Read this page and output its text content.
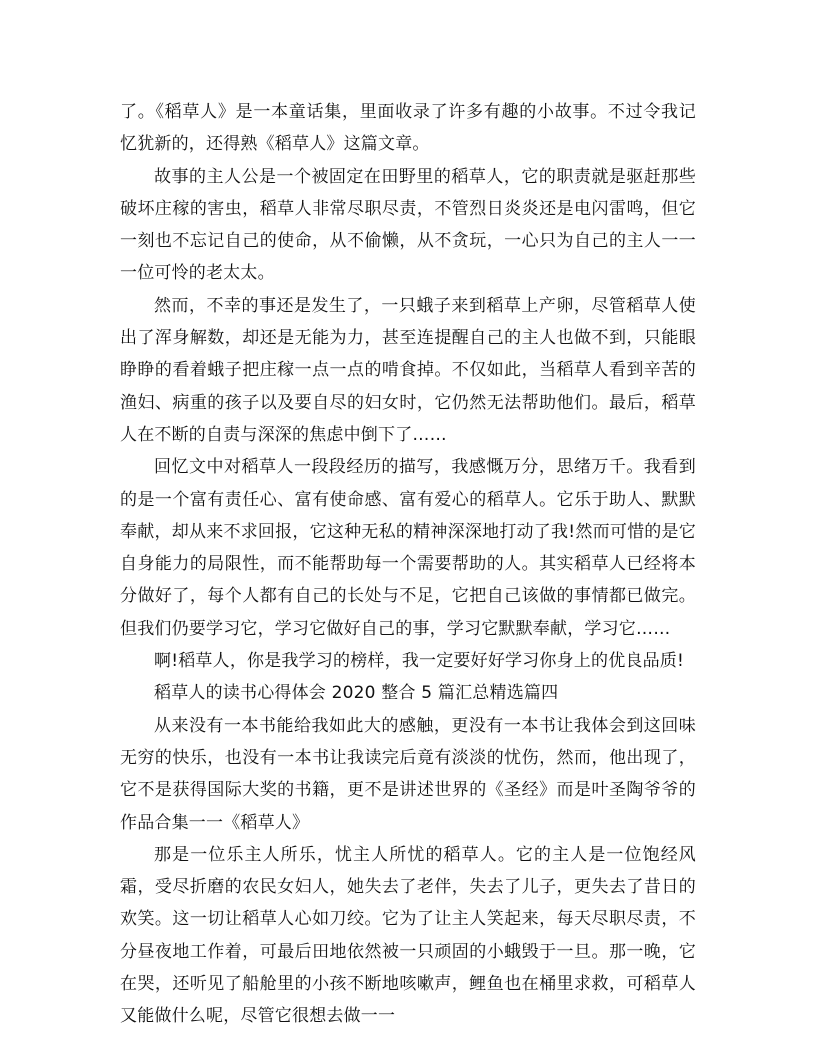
了。《稻草人》是一本童话集，里面收录了许多有趣的小故事。不过令我记忆犹新的，还得熟《稻草人》这篇文章。

故事的主人公是一个被固定在田野里的稻草人，它的职责就是驱赶那些破坏庄稼的害虫，稻草人非常尽职尽责，不管烈日炎炎还是电闪雷鸣，但它一刻也不忘记自己的使命，从不偷懒，从不贪玩，一心只为自己的主人一一一位可怜的老太太。

然而，不幸的事还是发生了，一只蛾子来到稻草上产卵，尽管稻草人使出了浑身解数，却还是无能为力，甚至连提醒自己的主人也做不到，只能眼睁睁的看着蛾子把庄稼一点一点的啃食掉。不仅如此，当稻草人看到辛苦的渔妇、病重的孩子以及要自尽的妇女时，它仍然无法帮助他们。最后，稻草人在不断的自责与深深的焦虑中倒下了……

回忆文中对稻草人一段段经历的描写，我感慨万分，思绪万千。我看到的是一个富有责任心、富有使命感、富有爱心的稻草人。它乐于助人、默默奉献，却从来不求回报，它这种无私的精神深深地打动了我!然而可惜的是它自身能力的局限性，而不能帮助每一个需要帮助的人。其实稻草人已经将本分做好了，每个人都有自己的长处与不足，它把自己该做的事情都已做完。但我们仍要学习它，学习它做好自己的事，学习它默默奉献，学习它……

啊!稻草人，你是我学习的榜样，我一定要好好学习你身上的优良品质!

稻草人的读书心得体会 2020 整合 5 篇汇总精选篇四

从来没有一本书能给我如此大的感触，更没有一本书让我体会到这回味无穷的快乐，也没有一本书让我读完后竟有淡淡的忧伤，然而，他出现了，它不是获得国际大奖的书籍，更不是讲述世界的《圣经》而是叶圣陶爷爷的作品合集一一《稻草人》

那是一位乐主人所乐，忧主人所忧的稻草人。它的主人是一位饱经风霜，受尽折磨的农民女妇人，她失去了老伴，失去了儿子，更失去了昔日的欢笑。这一切让稻草人心如刀绞。它为了让主人笑起来，每天尽职尽责，不分昼夜地工作着，可最后田地依然被一只顽固的小蛾毁于一旦。那一晚，它在哭，还听见了船舱里的小孩不断地咳嗽声，鲤鱼也在桶里求救，可稻草人又能做什么呢，尽管它很想去做一一
